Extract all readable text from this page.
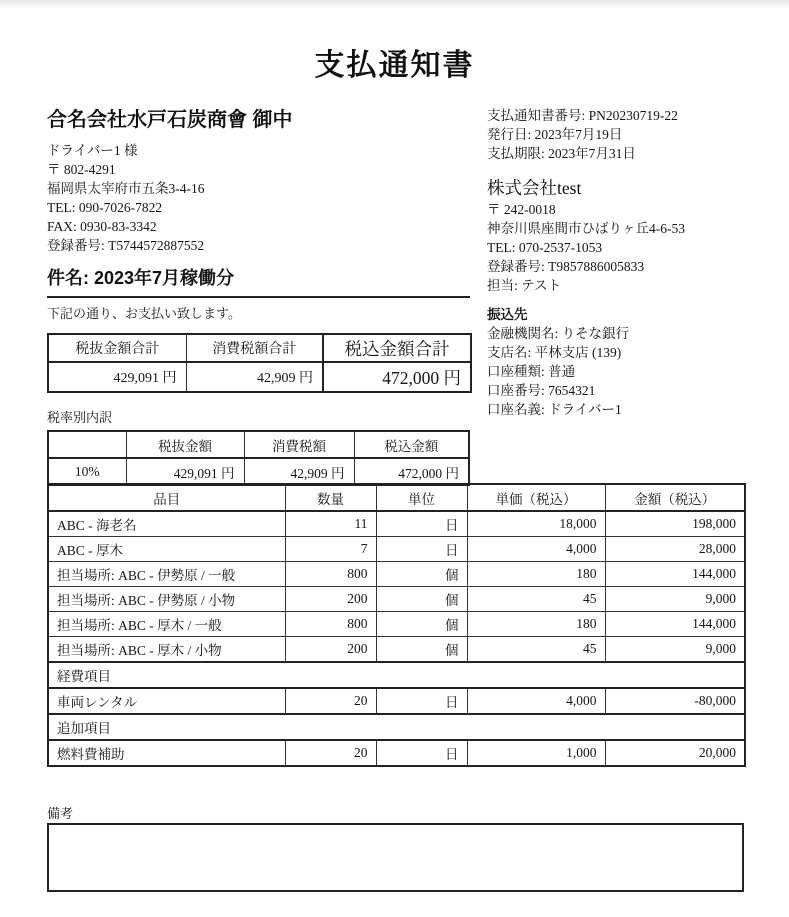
支払通知書
合名会社水戸石炭商會 御中
ドライバー1 様
〒 802-4291
福岡県太宰府市五条3-4-16
TEL: 090-7026-7822
FAX: 0930-83-3342
登録番号: T5744572887552
件名: 2023年7月稼働分
下記の通り、お支払い致します。
税抜金額合計	消費税額合計	税込金額合計
429,091 円	42,909 円	472,000 円
税率別内訳
	税抜金額	消費税額	税込金額
10%	429,091 円	42,909 円	472,000 円
支払通知書番号: PN20230719-22
発行日: 2023年7月19日
支払期限: 2023年7月31日
株式会社test
〒 242-0018
神奈川県座間市ひばりヶ丘4-6-53
TEL: 070-2537-1053
登録番号: T9857886005833
担当: テスト
振込先
金融機関名: りそな銀行
支店名: 平林支店 (139)
口座種類: 普通
口座番号: 7654321
口座名義: ドライバー1
品目	数量	単位	単価（税込）	金額（税込）
ABC - 海老名	11	日	18,000	198,000
ABC - 厚木	7	日	4,000	28,000
担当場所: ABC - 伊勢原 / 一般	800	個	180	144,000
担当場所: ABC - 伊勢原 / 小物	200	個	45	9,000
担当場所: ABC - 厚木 / 一般	800	個	180	144,000
担当場所: ABC - 厚木 / 小物	200	個	45	9,000
経費項目				
車両レンタル	20	日	4,000	-80,000
追加項目				
燃料費補助	20	日	1,000	20,000
備考
